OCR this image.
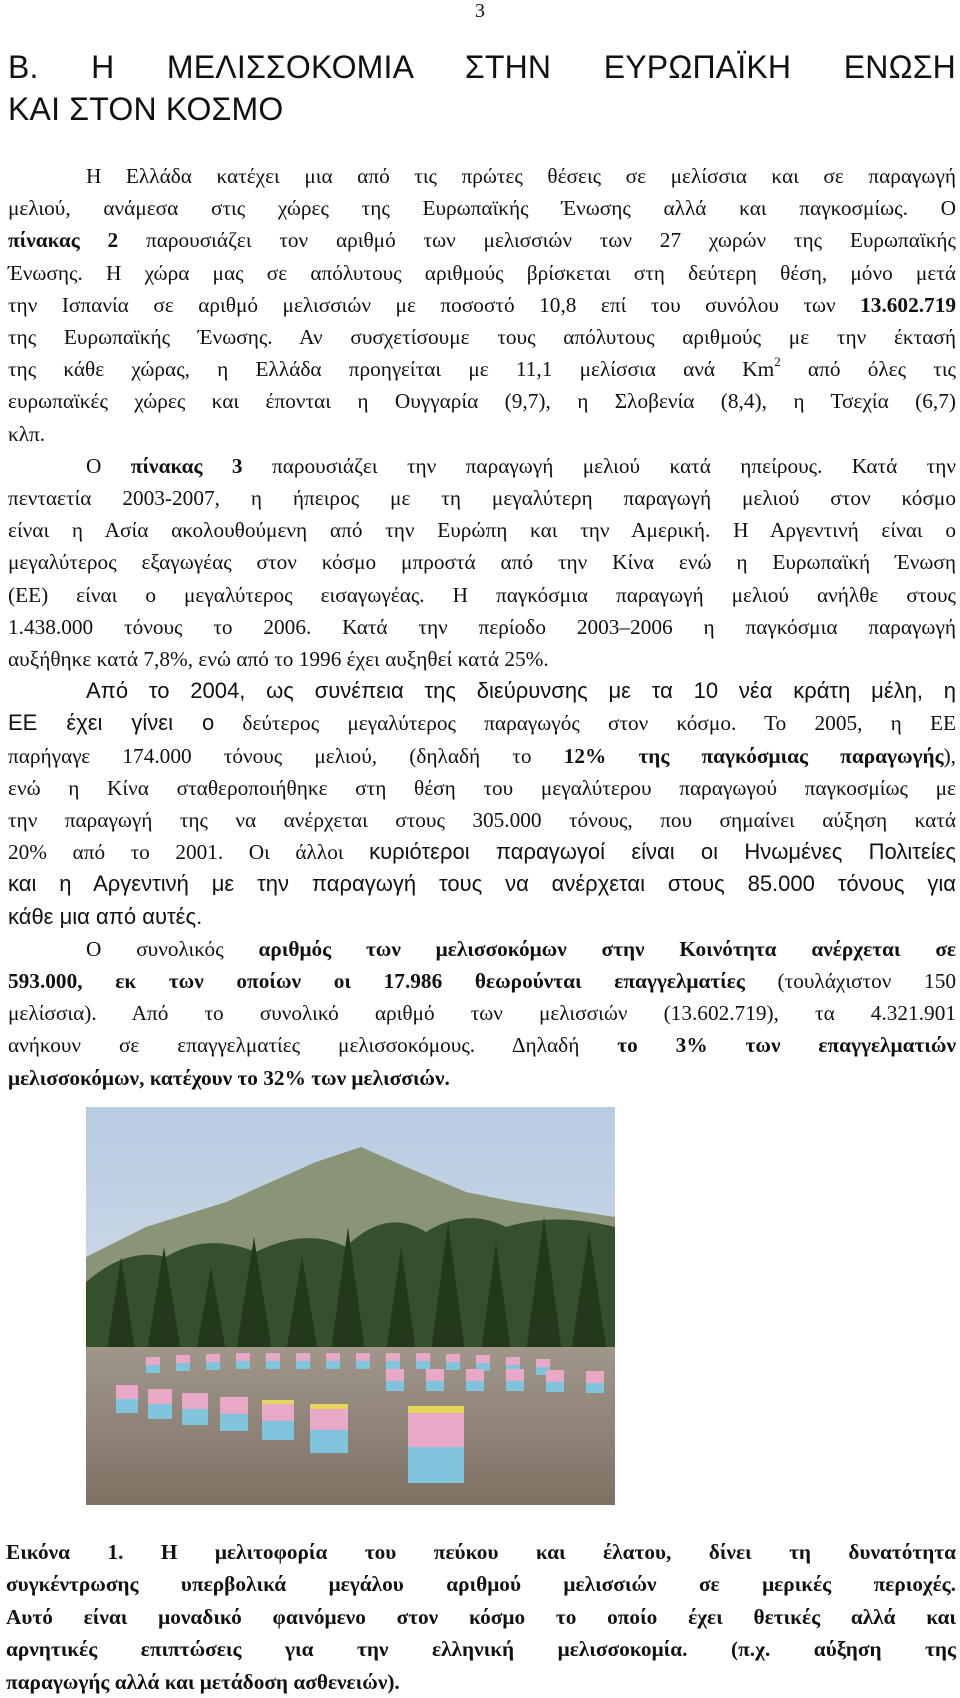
3
Β. Η ΜΕΛΙΣΣΟΚΟΜΙΑ ΣΤΗΝ ΕΥΡΩΠΑΪΚΗ ΕΝΩΣΗ
ΚΑΙ ΣΤΟΝ ΚΟΣΜΟ
Η Ελλάδα κατέχει μια από τις πρώτες θέσεις σε μελίσσια και σε παραγωγή
μελιού, ανάμεσα στις χώρες της Ευρωπαϊκής Ένωσης αλλά και παγκοσμίως. Ο
πίνακας 2 παρουσιάζει τον αριθμό των μελισσιών των 27 χωρών της Ευρωπαϊκής
Ένωσης. Η χώρα μας σε απόλυτους αριθμούς βρίσκεται στη δεύτερη θέση, μόνο μετά
την Ισπανία σε αριθμό μελισσιών με ποσοστό 10,8 επί του συνόλου των 13.602.719
της Ευρωπαϊκής Ένωσης. Αν συσχετίσουμε τους απόλυτους αριθμούς με την έκτασή
της κάθε χώρας, η Ελλάδα προηγείται με 11,1 μελίσσια ανά Km$^2$ από όλες τις
ευρωπαϊκές χώρες και έπονται η Ουγγαρία (9,7), η Σλοβενία (8,4), η Τσεχία (6,7)
κλπ.
Ο πίνακας 3 παρουσιάζει την παραγωγή μελιού κατά ηπείρους. Κατά την
πενταετία 2003-2007, η ήπειρος με τη μεγαλύτερη παραγωγή μελιού στον κόσμο
είναι η Ασία ακολουθούμενη από την Ευρώπη και την Αμερική. Η Αργεντινή είναι ο
μεγαλύτερος εξαγωγέας στον κόσμο μπροστά από την Κίνα ενώ η Ευρωπαϊκή Ένωση
(ΕΕ) είναι ο μεγαλύτερος εισαγωγέας. Η παγκόσμια παραγωγή μελιού ανήλθε στους
1.438.000 τόνους το 2006. Κατά την περίοδο 2003–2006 η παγκόσμια παραγωγή
αυξήθηκε κατά 7,8%, ενώ από το 1996 έχει αυξηθεί κατά 25%.
Από το 2004, ως συνέπεια της διεύρυνσης με τα 10 νέα κράτη μέλη, η
ΕΕ έχει γίνει ο δεύτερος μεγαλύτερος παραγωγός στον κόσμο. Το 2005, η ΕΕ
παρήγαγε 174.000 τόνους μελιού, (δηλαδή το 12% της παγκόσμιας παραγωγής),
ενώ η Κίνα σταθεροποιήθηκε στη θέση του μεγαλύτερου παραγωγού παγκοσμίως με
την παραγωγή της να ανέρχεται στους 305.000 τόνους, που σημαίνει αύξηση κατά
20% από το 2001. Οι άλλοι κυριότεροι παραγωγοί είναι οι Ηνωμένες Πολιτείες
και η Αργεντινή με την παραγωγή τους να ανέρχεται στους 85.000 τόνους για
κάθε μια από αυτές.
Ο συνολικός αριθμός των μελισσοκόμων στην Κοινότητα ανέρχεται σε
593.000, εκ των οποίων οι 17.986 θεωρούνται επαγγελματίες (τουλάχιστον 150
μελίσσια). Από το συνολικό αριθμό των μελισσιών (13.602.719), τα 4.321.901
ανήκουν σε επαγγελματίες μελισσοκόμους. Δηλαδή το 3% των επαγγελματιών
μελισσοκόμων, κατέχουν το 32% των μελισσιών.
Εικόνα 1. Η μελιτοφορία του πεύκου και έλατου, δίνει τη δυνατότητα
συγκέντρωσης υπερβολικά μεγάλου αριθμού μελισσιών σε μερικές περιοχές.
Αυτό είναι μοναδικό φαινόμενο στον κόσμο το οποίο έχει θετικές αλλά και
αρνητικές επιπτώσεις για την ελληνική μελισσοκομία. (π.χ. αύξηση της
παραγωγής αλλά και μετάδοση ασθενειών).
